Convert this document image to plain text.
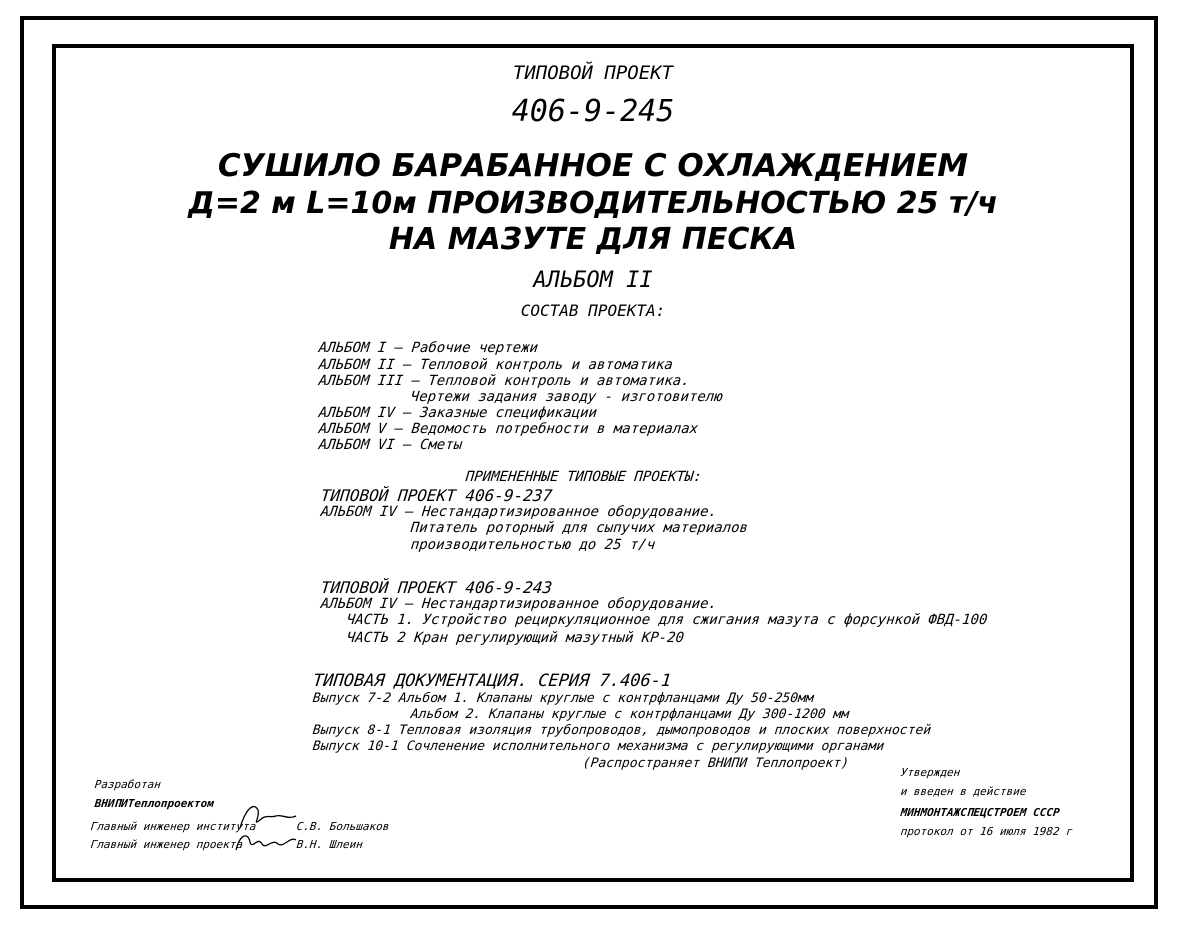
ТИПОВОЙ ПРОЕКТ
406-9-245
СУШИЛО БАРАБАННОЕ С ОХЛАЖДЕНИЕМ
Д=2 м L=10м ПРОИЗВОДИТЕЛЬНОСТЬЮ 25 т/ч
НА МАЗУТЕ ДЛЯ ПЕСКА
АЛЬБОМ II
СОСТАВ ПРОЕКТА:
АЛЬБОМ I — Рабочие чертежи
АЛЬБОМ II — Тепловой контроль и автоматика
АЛЬБОМ III — Тепловой контроль и автоматика.
Чертежи задания заводу - изготовителю
АЛЬБОМ IV — Заказные спецификации
АЛЬБОМ V — Ведомость потребности в материалах
АЛЬБОМ VI — Сметы
ПРИМЕНЕННЫЕ ТИПОВЫЕ ПРОЕКТЫ:
ТИПОВОЙ ПРОЕКТ 406-9-237
АЛЬБОМ IV — Нестандартизированное оборудование.
Питатель роторный для сыпучих материалов
производительностью до 25 т/ч
ТИПОВОЙ ПРОЕКТ 406-9-243
АЛЬБОМ IV — Нестандартизированное оборудование.
ЧАСТЬ 1. Устройство рециркуляционное для сжигания мазута с форсункой ФВД-100
ЧАСТЬ 2 Кран регулирующий мазутный КР-20
ТИПОВАЯ ДОКУМЕНТАЦИЯ. СЕРИЯ 7.406-1
Выпуск 7-2 Альбом 1. Клапаны круглые с контрфланцами Ду 50-250мм
Альбом 2. Клапаны круглые с контрфланцами Ду 300-1200 мм
Выпуск 8-1 Тепловая изоляция трубопроводов, дымопроводов и плоских поверхностей
Выпуск 10-1 Сочленение исполнительного механизма с регулирующими органами
(Распространяет ВНИПИ Теплопроект)
Разработан
ВНИПИТеплопроектом
Главный инженер института	С.В. Большаков
Главный инженер проекта	В.Н. Шлеин
Утвержден
и введен в действие
МИНМОНТАЖСПЕЦСТРОЕМ СССР
протокол от 16 июля 1982 г
